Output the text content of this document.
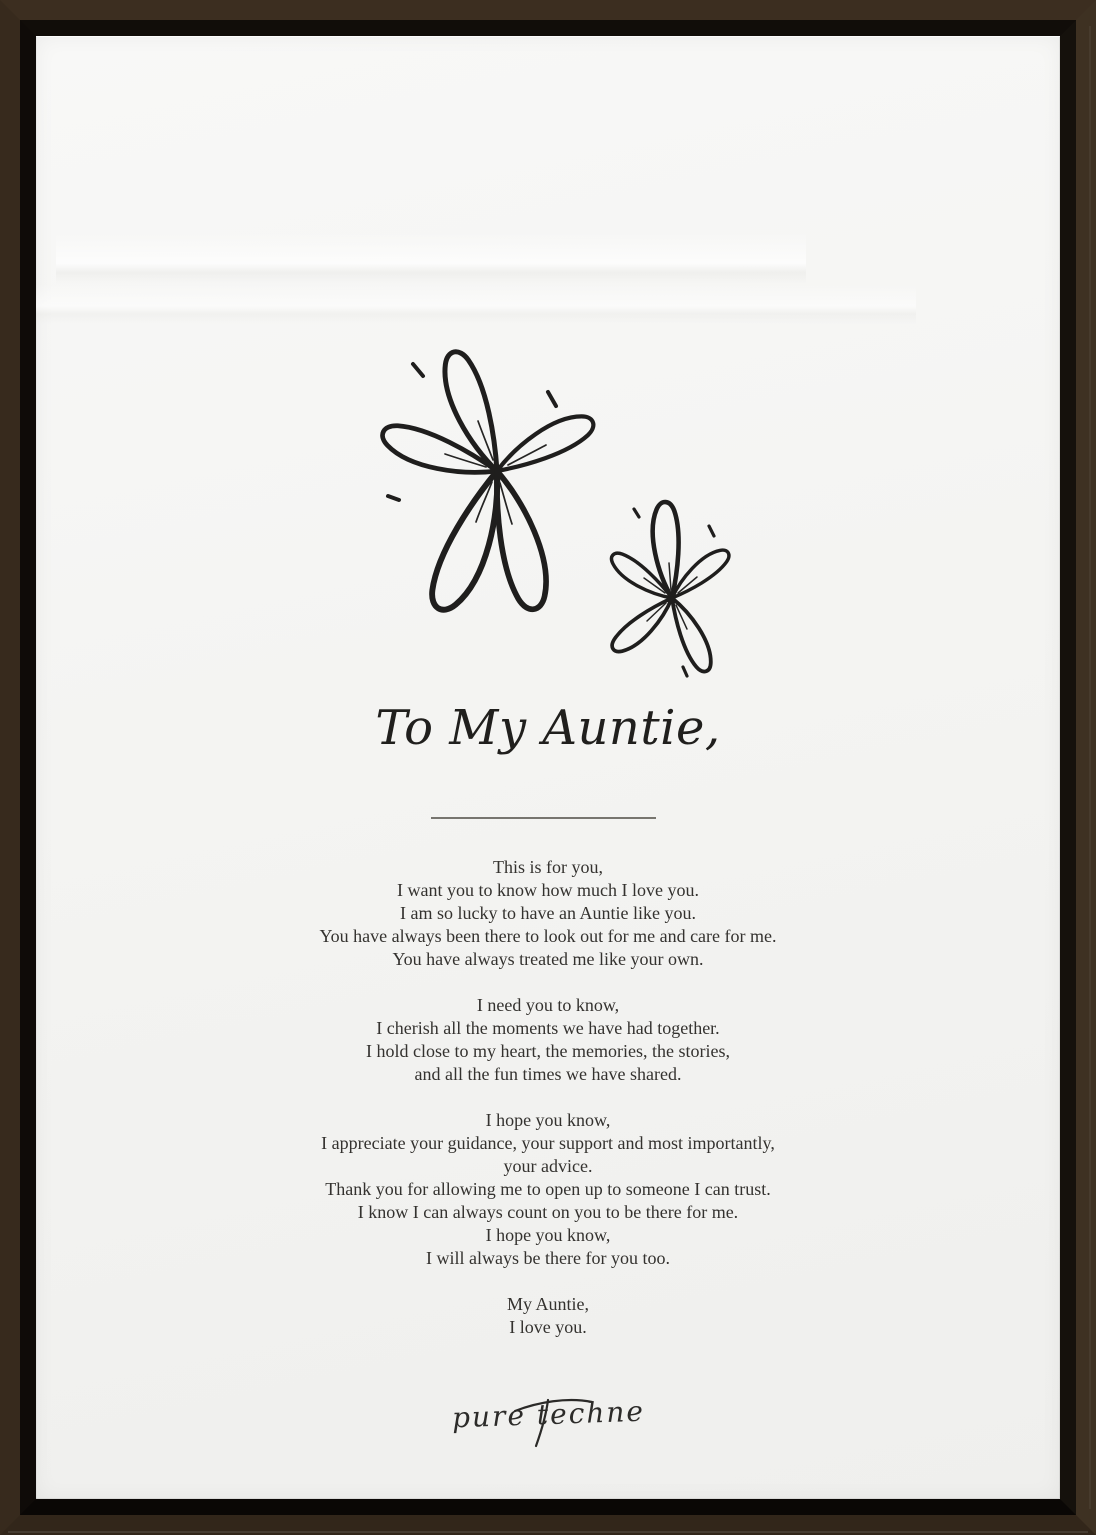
To My Auntie,
This is for you,
I want you to know how much I love you.
I am so lucky to have an Auntie like you.
You have always been there to look out for me and care for me.
You have always treated me like your own.
I need you to know,
I cherish all the moments we have had together.
I hold close to my heart, the memories, the stories,
and all the fun times we have shared.
I hope you know,
I appreciate your guidance, your support and most importantly,
your advice.
Thank you for allowing me to open up to someone I can trust.
I know I can always count on you to be there for me.
I hope you know,
I will always be there for you too.
My Auntie,
I love you.
pure techne
